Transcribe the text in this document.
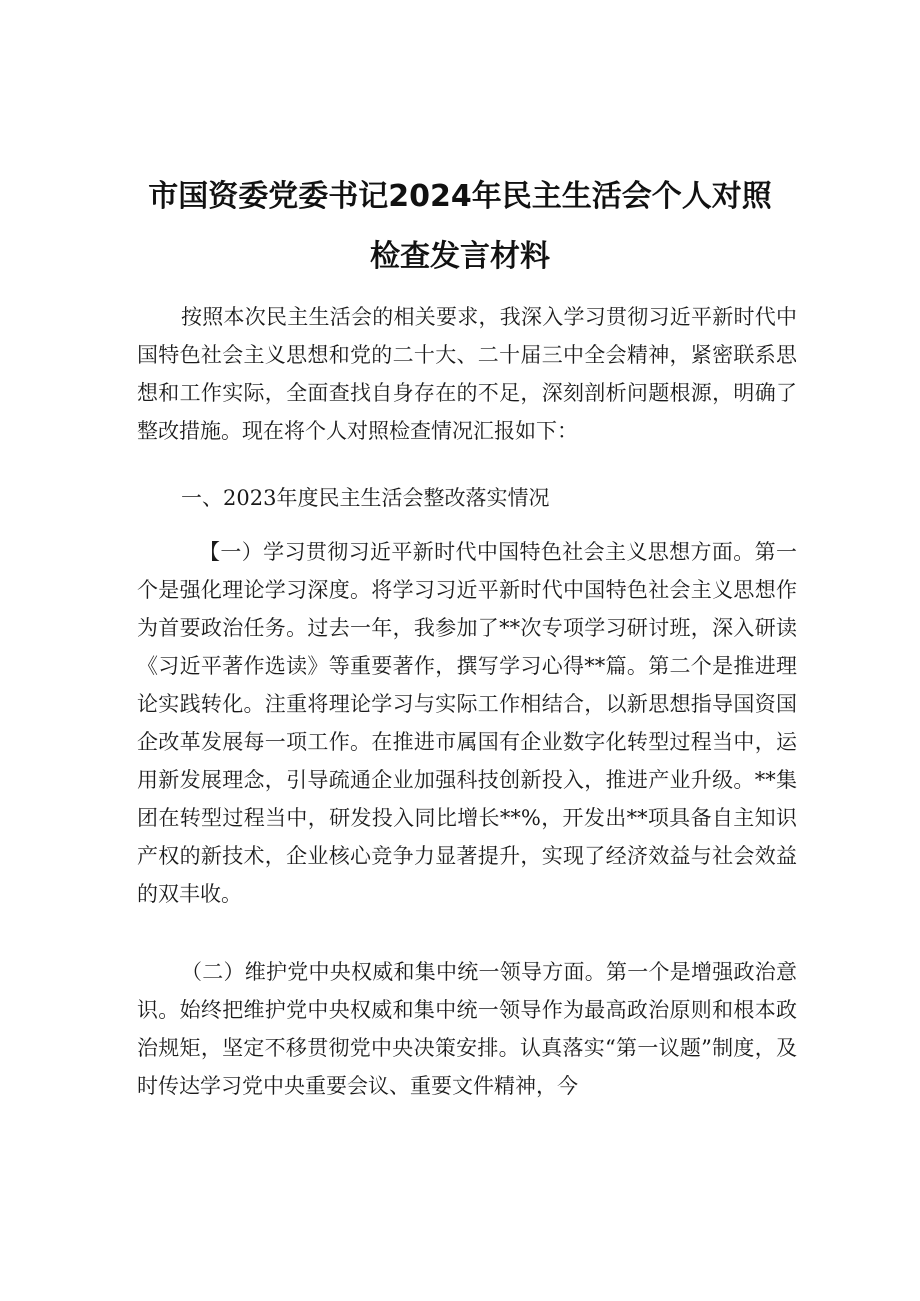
市国资委党委书记2024年民主生活会个人对照
检查发言材料

按照本次民主生活会的相关要求，我深入学习贯彻习近平新时代中国特色社会主义思想和党的二十大、二十届三中全会精神，紧密联系思想和工作实际，全面查找自身存在的不足，深刻剖析问题根源，明确了整改措施。现在将个人对照检查情况汇报如下：

一、2023年度民主生活会整改落实情况

【一）学习贯彻习近平新时代中国特色社会主义思想方面。第一个是强化理论学习深度。将学习习近平新时代中国特色社会主义思想作为首要政治任务。过去一年，我参加了**次专项学习研讨班，深入研读《习近平著作选读》等重要著作，撰写学习心得**篇。第二个是推进理论实践转化。注重将理论学习与实际工作相结合，以新思想指导国资国企改革发展每一项工作。在推进市属国有企业数字化转型过程当中，运用新发展理念，引导疏通企业加强科技创新投入，推进产业升级。**集团在转型过程当中，研发投入同比增长**%，开发出**项具备自主知识产权的新技术，企业核心竞争力显著提升，实现了经济效益与社会效益的双丰收。

（二）维护党中央权威和集中统一领导方面。第一个是增强政治意识。始终把维护党中央权威和集中统一领导作为最高政治原则和根本政治规矩，坚定不移贯彻党中央决策安排。认真落实“第一议题”制度，及时传达学习党中央重要会议、重要文件精神，今
